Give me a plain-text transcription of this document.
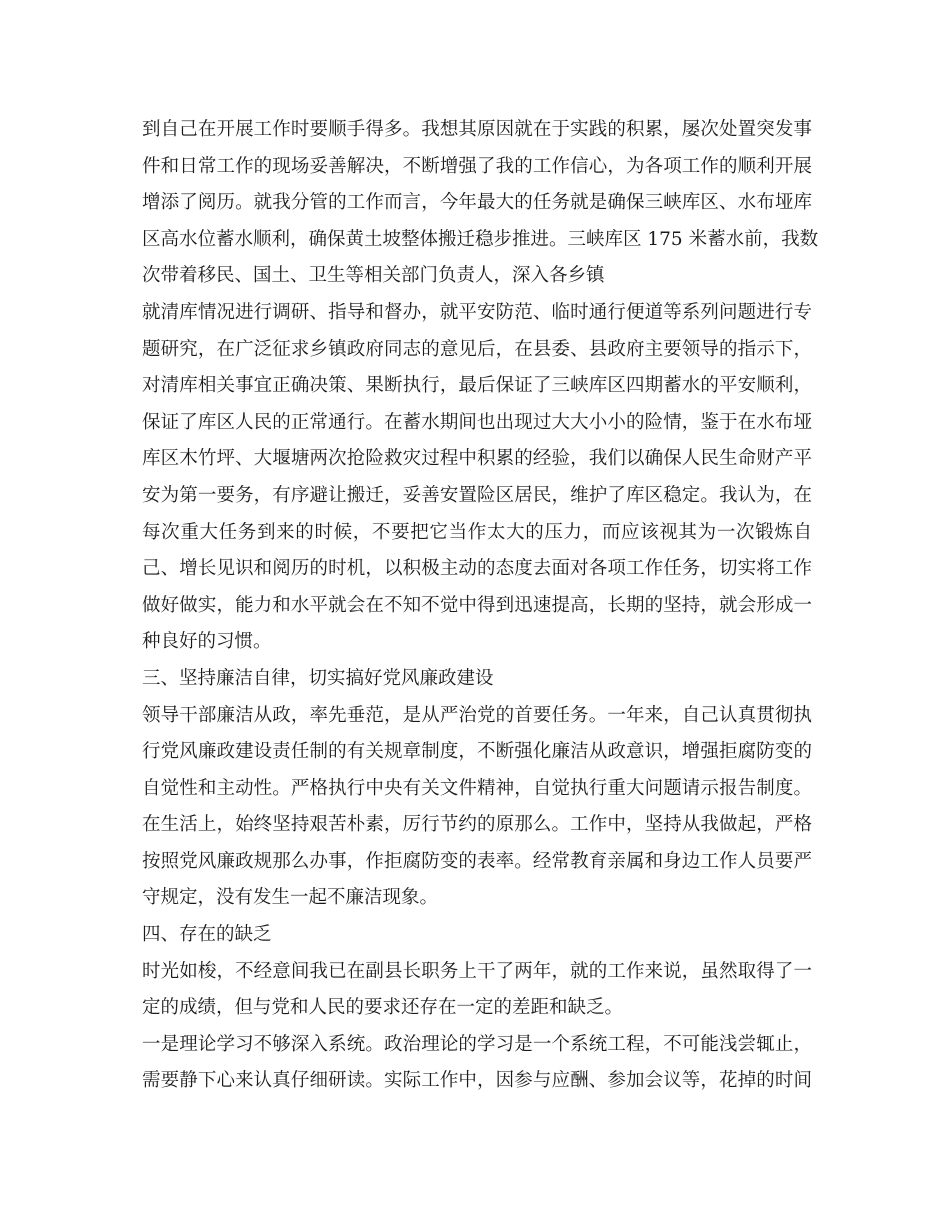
到自己在开展工作时要顺手得多。我想其原因就在于实践的积累，屡次处置突发事
件和日常工作的现场妥善解决，不断增强了我的工作信心，为各项工作的顺利开展
增添了阅历。就我分管的工作而言，今年最大的任务就是确保三峡库区、水布垭库
区高水位蓄水顺利，确保黄土坡整体搬迁稳步推进。三峡库区 175 米蓄水前，我数
次带着移民、国土、卫生等相关部门负责人，深入各乡镇
就清库情况进行调研、指导和督办，就平安防范、临时通行便道等系列问题进行专
题研究，在广泛征求乡镇政府同志的意见后，在县委、县政府主要领导的指示下，
对清库相关事宜正确决策、果断执行，最后保证了三峡库区四期蓄水的平安顺利，
保证了库区人民的正常通行。在蓄水期间也出现过大大小小的险情，鉴于在水布垭
库区木竹坪、大堰塘两次抢险救灾过程中积累的经验，我们以确保人民生命财产平
安为第一要务，有序避让搬迁，妥善安置险区居民，维护了库区稳定。我认为，在
每次重大任务到来的时候，不要把它当作太大的压力，而应该视其为一次锻炼自
己、增长见识和阅历的时机，以积极主动的态度去面对各项工作任务，切实将工作
做好做实，能力和水平就会在不知不觉中得到迅速提高，长期的坚持，就会形成一
种良好的习惯。
三、坚持廉洁自律，切实搞好党风廉政建设
领导干部廉洁从政，率先垂范，是从严治党的首要任务。一年来，自己认真贯彻执
行党风廉政建设责任制的有关规章制度，不断强化廉洁从政意识，增强拒腐防变的
自觉性和主动性。严格执行中央有关文件精神，自觉执行重大问题请示报告制度。
在生活上，始终坚持艰苦朴素，厉行节约的原那么。工作中，坚持从我做起，严格
按照党风廉政规那么办事，作拒腐防变的表率。经常教育亲属和身边工作人员要严
守规定，没有发生一起不廉洁现象。
四、存在的缺乏
时光如梭，不经意间我已在副县长职务上干了两年，就的工作来说，虽然取得了一
定的成绩，但与党和人民的要求还存在一定的差距和缺乏。
一是理论学习不够深入系统。政治理论的学习是一个系统工程，不可能浅尝辄止，
需要静下心来认真仔细研读。实际工作中，因参与应酬、参加会议等，花掉的时间
